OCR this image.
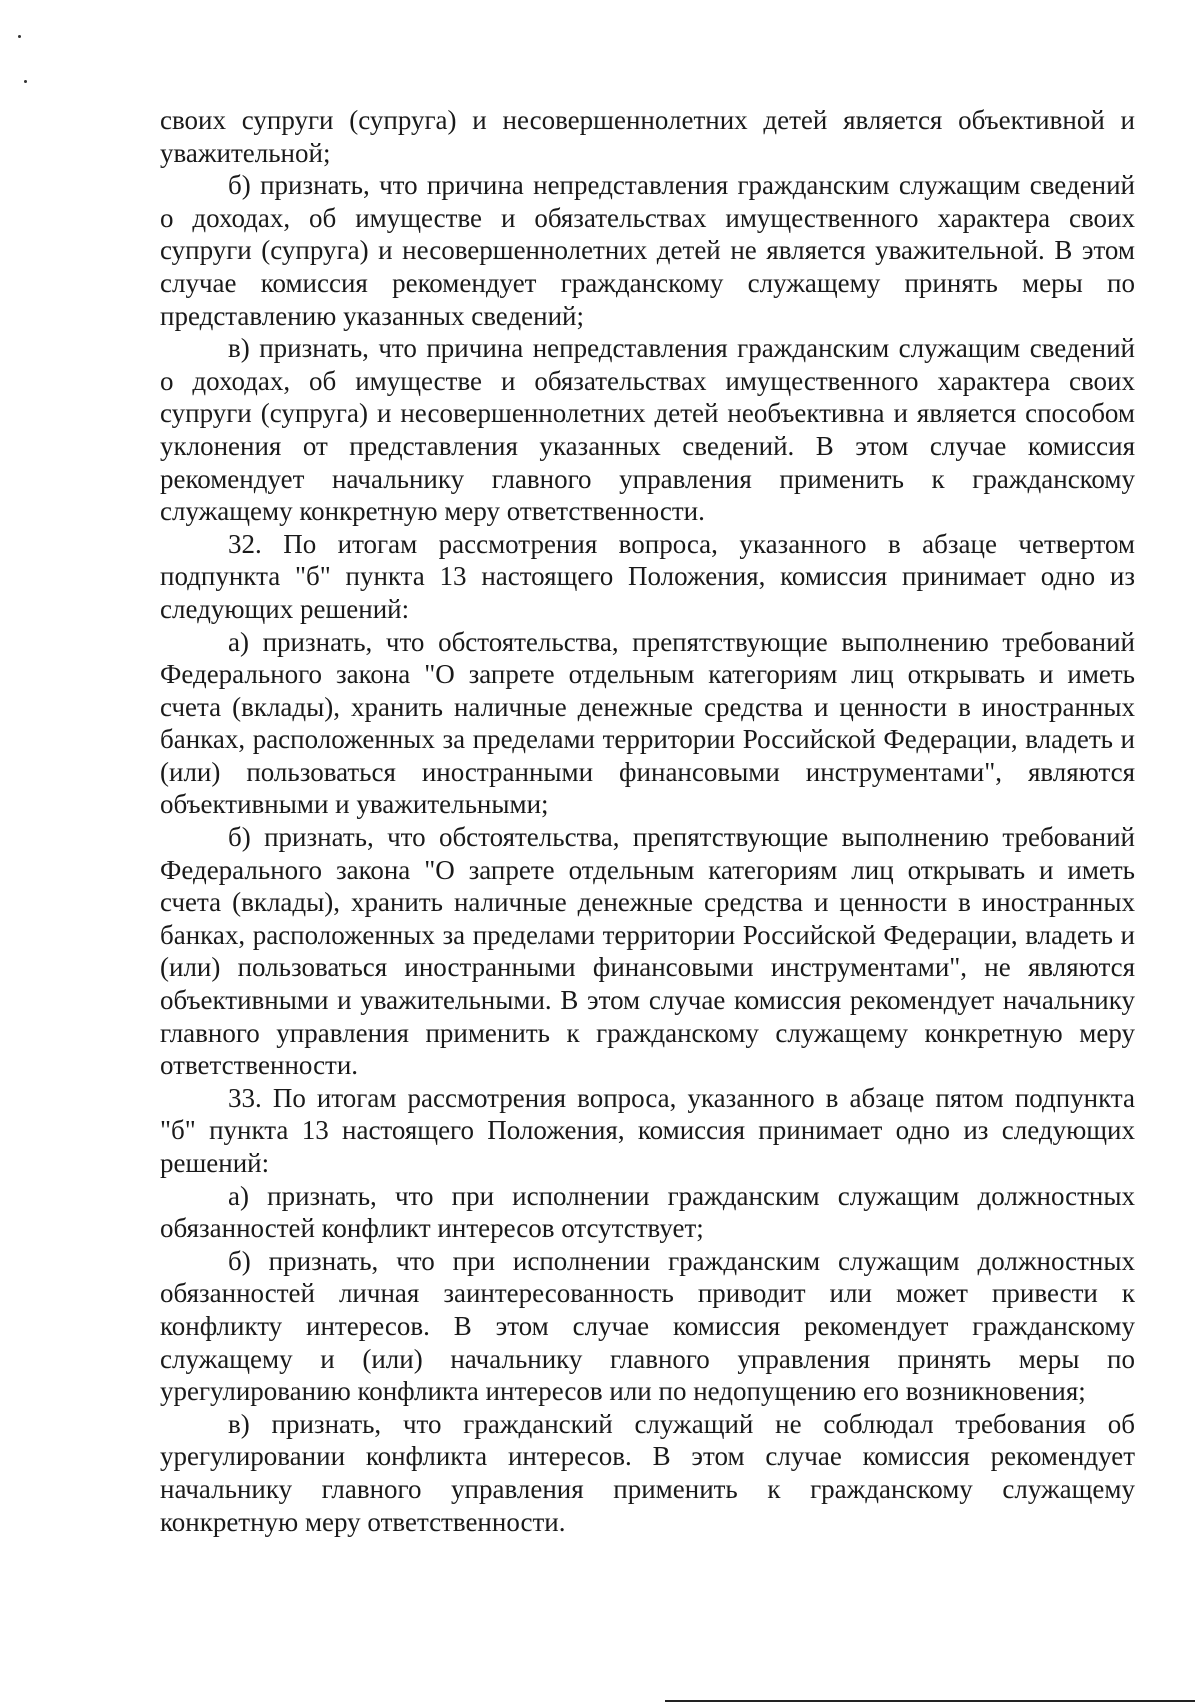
своих супруги (супруга) и несовершеннолетних детей является объективной и уважительной;

б) признать, что причина непредставления гражданским служащим сведений о доходах, об имуществе и обязательствах имущественного характера своих супруги (супруга) и несовершеннолетних детей не является уважительной. В этом случае комиссия рекомендует гражданскому служащему принять меры по представлению указанных сведений;

в) признать, что причина непредставления гражданским служащим сведений о доходах, об имуществе и обязательствах имущественного характера своих супруги (супруга) и несовершеннолетних детей необъективна и является способом уклонения от представления указанных сведений. В этом случае комиссия рекомендует начальнику главного управления применить к гражданскому служащему конкретную меру ответственности.

32. По итогам рассмотрения вопроса, указанного в абзаце четвертом подпункта "б" пункта 13 настоящего Положения, комиссия принимает одно из следующих решений:

а) признать, что обстоятельства, препятствующие выполнению требований Федерального закона "О запрете отдельным категориям лиц открывать и иметь счета (вклады), хранить наличные денежные средства и ценности в иностранных банках, расположенных за пределами территории Российской Федерации, владеть и (или) пользоваться иностранными финансовыми инструментами", являются объективными и уважительными;

б) признать, что обстоятельства, препятствующие выполнению требований Федерального закона "О запрете отдельным категориям лиц открывать и иметь счета (вклады), хранить наличные денежные средства и ценности в иностранных банках, расположенных за пределами территории Российской Федерации, владеть и (или) пользоваться иностранными финансовыми инструментами", не являются объективными и уважительными. В этом случае комиссия рекомендует начальнику главного управления применить к гражданскому служащему конкретную меру ответственности.

33. По итогам рассмотрения вопроса, указанного в абзаце пятом подпункта "б" пункта 13 настоящего Положения, комиссия принимает одно из следующих решений:

а) признать, что при исполнении гражданским служащим должностных обязанностей конфликт интересов отсутствует;

б) признать, что при исполнении гражданским служащим должностных обязанностей личная заинтересованность приводит или может привести к конфликту интересов. В этом случае комиссия рекомендует гражданскому служащему и (или) начальнику главного управления принять меры по урегулированию конфликта интересов или по недопущению его возникновения;

в) признать, что гражданский служащий не соблюдал требования об урегулировании конфликта интересов. В этом случае комиссия рекомендует начальнику главного управления применить к гражданскому служащему конкретную меру ответственности.
